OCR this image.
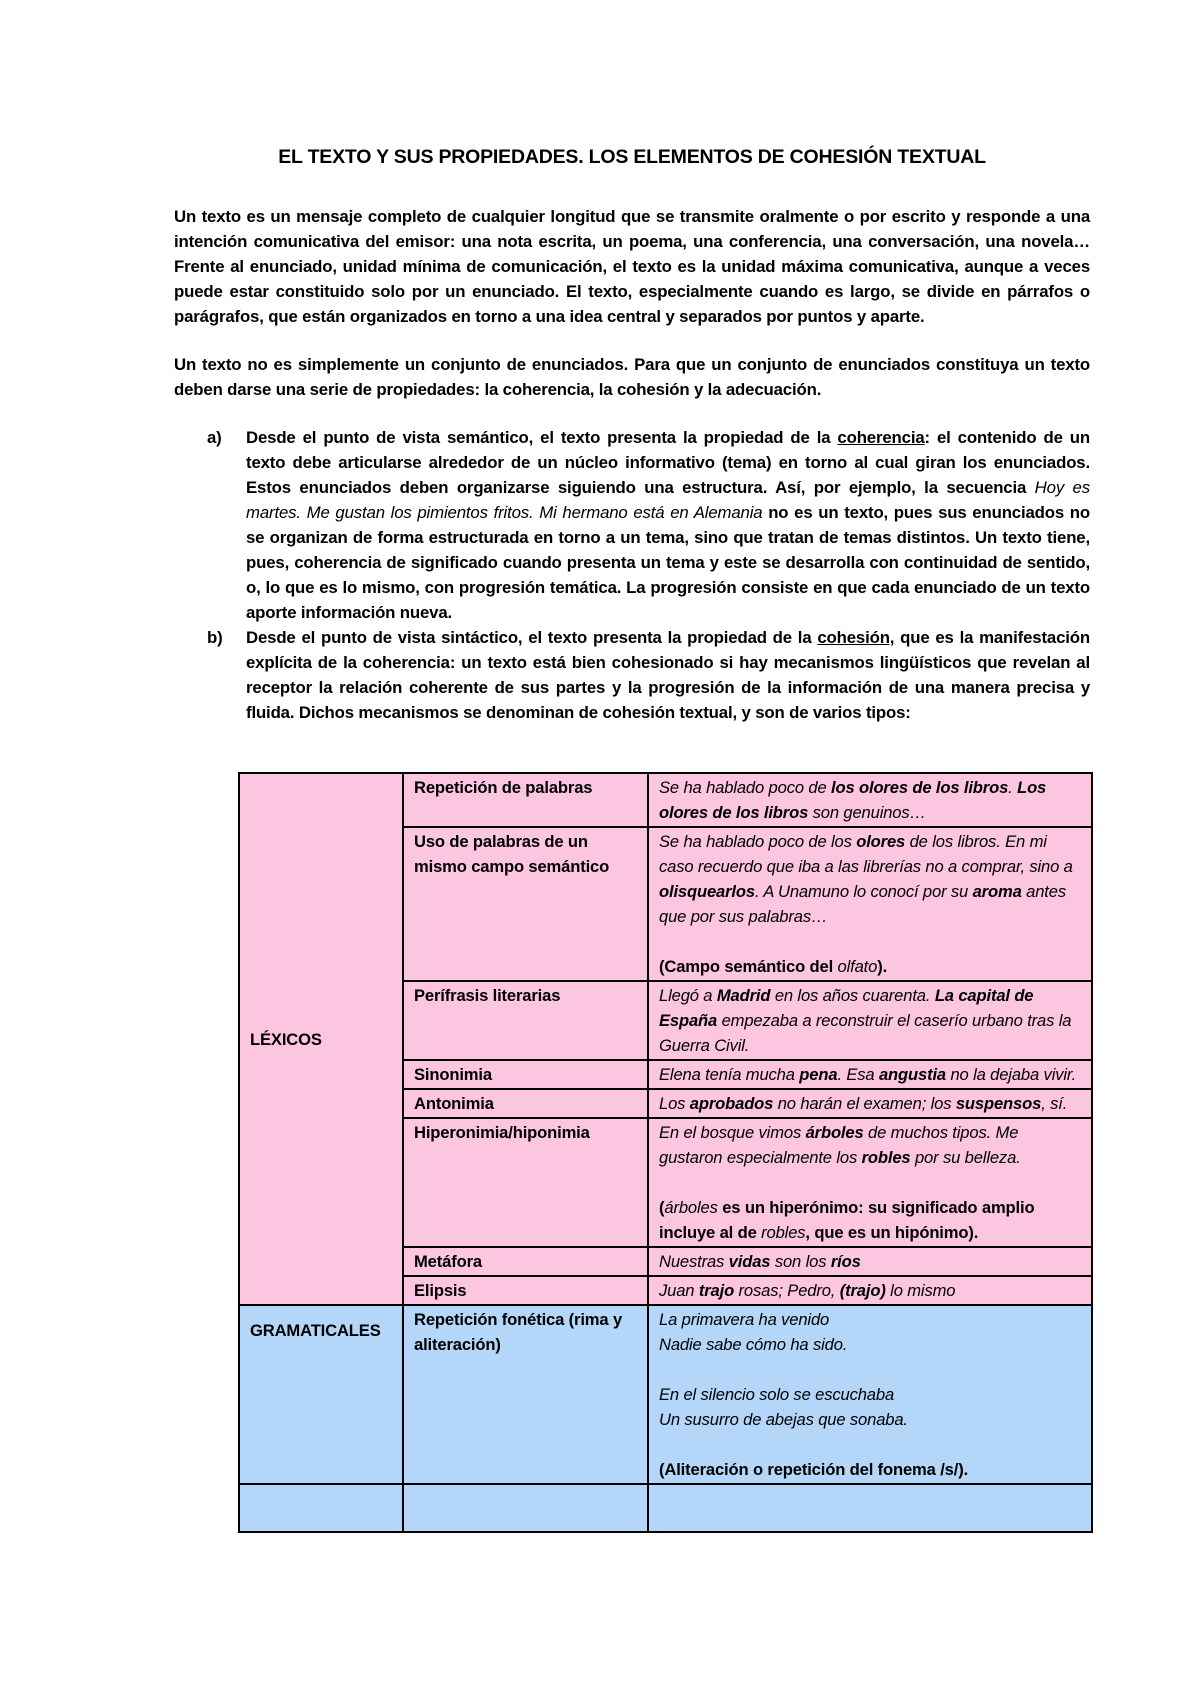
EL TEXTO Y SUS PROPIEDADES. LOS ELEMENTOS DE COHESIÓN TEXTUAL
Un texto es un mensaje completo de cualquier longitud que se transmite oralmente o por escrito y responde a una intención comunicativa del emisor: una nota escrita, un poema, una conferencia, una conversación, una novela… Frente al enunciado, unidad mínima de comunicación, el texto es la unidad máxima comunicativa, aunque a veces puede estar constituido solo por un enunciado. El texto, especialmente cuando es largo, se divide en párrafos o parágrafos, que están organizados en torno a una idea central y separados por puntos y aparte.
Un texto no es simplemente un conjunto de enunciados. Para que un conjunto de enunciados constituya un texto deben darse una serie de propiedades: la coherencia, la cohesión y la adecuación.
a) Desde el punto de vista semántico, el texto presenta la propiedad de la coherencia: el contenido de un texto debe articularse alrededor de un núcleo informativo (tema) en torno al cual giran los enunciados. Estos enunciados deben organizarse siguiendo una estructura. Así, por ejemplo, la secuencia Hoy es martes. Me gustan los pimientos fritos. Mi hermano está en Alemania no es un texto, pues sus enunciados no se organizan de forma estructurada en torno a un tema, sino que tratan de temas distintos. Un texto tiene, pues, coherencia de significado cuando presenta un tema y este se desarrolla con continuidad de sentido, o, lo que es lo mismo, con progresión temática. La progresión consiste en que cada enunciado de un texto aporte información nueva.
b) Desde el punto de vista sintáctico, el texto presenta la propiedad de la cohesión, que es la manifestación explícita de la coherencia: un texto está bien cohesionado si hay mecanismos lingüísticos que revelan al receptor la relación coherente de sus partes y la progresión de la información de una manera precisa y fluida. Dichos mecanismos se denominan de cohesión textual, y son de varios tipos:
LÉXICOS	Repetición de palabras	Se ha hablado poco de los olores de los libros. Los olores de los libros son genuinos…
	Uso de palabras de un mismo campo semántico	Se ha hablado poco de los olores de los libros. En mi caso recuerdo que iba a las librerías no a comprar, sino a olisquearlos. A Unamuno lo conocí por su aroma antes que por sus palabras…
(Campo semántico del olfato).

	Perífrasis literarias	Llegó a Madrid en los años cuarenta. La capital de España empezaba a reconstruir el caserío urbano tras la Guerra Civil.
	Sinonimia	Elena tenía mucha pena. Esa angustia no la dejaba vivir.
	Antonimia	Los aprobados no harán el examen; los suspensos, sí.
	Hiperonimia/hiponimia	En el bosque vimos árboles de muchos tipos. Me gustaron especialmente los robles por su belleza.
(árboles es un hiperónimo: su significado amplio incluye al de robles, que es un hipónimo).

	Metáfora	Nuestras vidas son los ríos
	Elipsis	Juan trajo rosas; Pedro, (trajo) lo mismo
GRAMATICALES	Repetición fonética (rima y aliteración)	La primavera ha venido
Nadie sabe cómo ha sido.
En el silencio solo se escuchaba
Un susurro de abejas que sonaba.
(Aliteración o repetición del fonema /s/).
